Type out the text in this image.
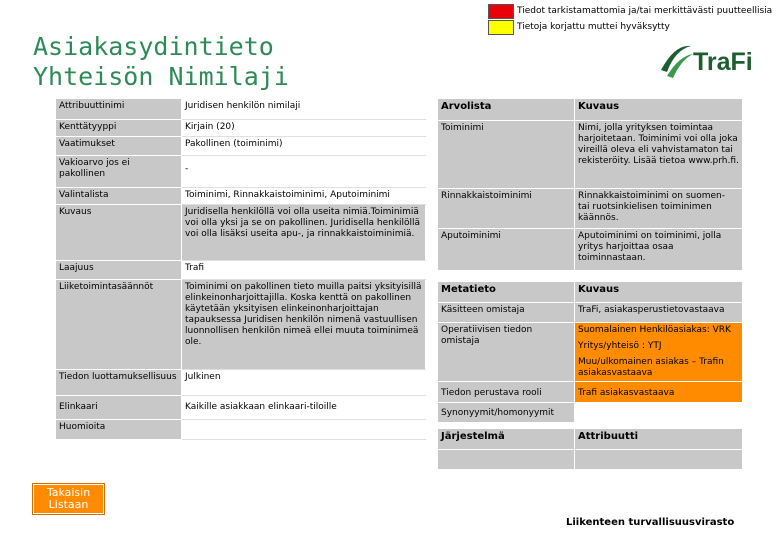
Tiedot tarkistamattomia ja/tai merkittävästi puutteellisia
Tietoja korjattu muttei hyväksytty
Asiakasydintieto
Yhteisön Nimilaji	TraFi
Attribuuttinimi	Juridisen henkilön nimilaji
Kenttätyyppi	Kirjain (20)
Vaatimukset	Pakollinen (toiminimi)
Vakioarvo jos ei pakollinen	-
Valintalista	Toiminimi, Rinnakkaistoiminimi, Aputoiminimi
Kuvaus	Juridisella henkilöllä voi olla useita nimiä.Toiminimiä voi olla yksi ja se on pakollinen. Juridisella henkilöllä voi olla lisäksi useita apu-, ja rinnakkaistoiminimiä.
Laajuus	Trafi
Liiketoimintasäännöt	Toiminimi on pakollinen tieto muilla paitsi yksityisillä elinkeinonharjoittajilla. Koska kenttä on pakollinen käytetään yksityisen elinkeinonharjoittajan tapauksessa Juridisen henkilön nimenä vastuullisen luonnollisen henkilön nimeä ellei muuta toiminimeä ole.
Tiedon luottamuksellisuus	Julkinen
Elinkaari	Kaikille asiakkaan elinkaari-tiloille
Huomioita	
Arvolista	Kuvaus
Toiminimi	Nimi, jolla yrityksen toimintaa harjoitetaan. Toiminimi voi olla joka vireillä oleva eli vahvistamaton tai rekisteröity. Lisää tietoa www.prh.fi.
Rinnakkaistoiminimi	Rinnakkaistoiminimi on suomen- tai ruotsinkielisen toiminimen käännös.
Aputoiminimi	Aputoiminimi on toiminimi, jolla yritys harjoittaa osaa toiminnastaan.
Metatieto	Kuvaus
Käsitteen omistaja	TraFi, asiakasperustietovastaava
Operatiivisen tiedon omistaja	Suomalainen Henkilöasiakas: VRK
Yritys/yhteisö : YTJ
Muu/ulkomainen asiakas – Trafin asiakasvastaava

Tiedon perustava rooli	Trafi asiakasvastaava
Synonyymit/homonyymit	
Järjestelmä	Attribuutti

Takaisin Listaan
Liikenteen turvallisuusvirasto
